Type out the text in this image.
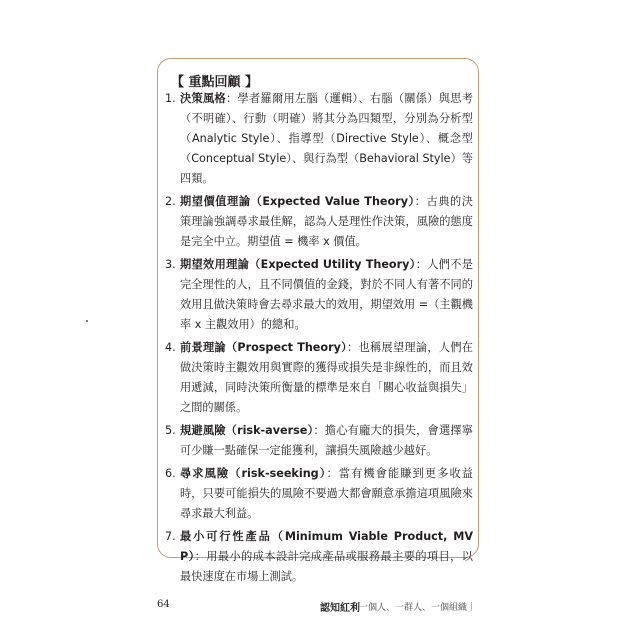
【 重點回顧 】
1. 決策風格：學者羅爾用左腦（邏輯）、右腦（關係）與思考（不明確）、行動（明確）將其分為四類型，分別為分析型（Analytic Style）、指導型（Directive Style）、概念型（Conceptual Style）、與行為型（Behavioral Style）等四類。
2. 期望價值理論（Expected Value Theory）：古典的決策理論強調尋求最佳解，認為人是理性作決策，風險的態度是完全中立。期望值 = 機率 x 價值。
3. 期望效用理論（Expected Utility Theory）：人們不是完全理性的人，且不同價值的金錢，對於不同人有著不同的效用且做決策時會去尋求最大的效用，期望效用 =（主觀機率 x 主觀效用）的總和。
4. 前景理論（Prospect Theory）：也稱展望理論，人們在做決策時主觀效用與實際的獲得或損失是非線性的，而且效用遞減，同時決策所衡量的標準是來自「關心收益與損失」之間的關係。
5. 規避風險（risk-averse）：擔心有龐大的損失，會選擇寧可少賺一點確保一定能獲利，讓損失風險越少越好。
6. 尋求風險（risk-seeking）：當有機會能賺到更多收益時，只要可能損失的風險不要過大都會願意承擔這項風險來尋求最大利益。
7. 最小可行性產品（Minimum Viable Product, MVP）：用最小的成本設計完成產品或服務最主要的項目，以最快速度在市場上測試。
64	認知紅利
｜一個人、一群人、一個組織｜
